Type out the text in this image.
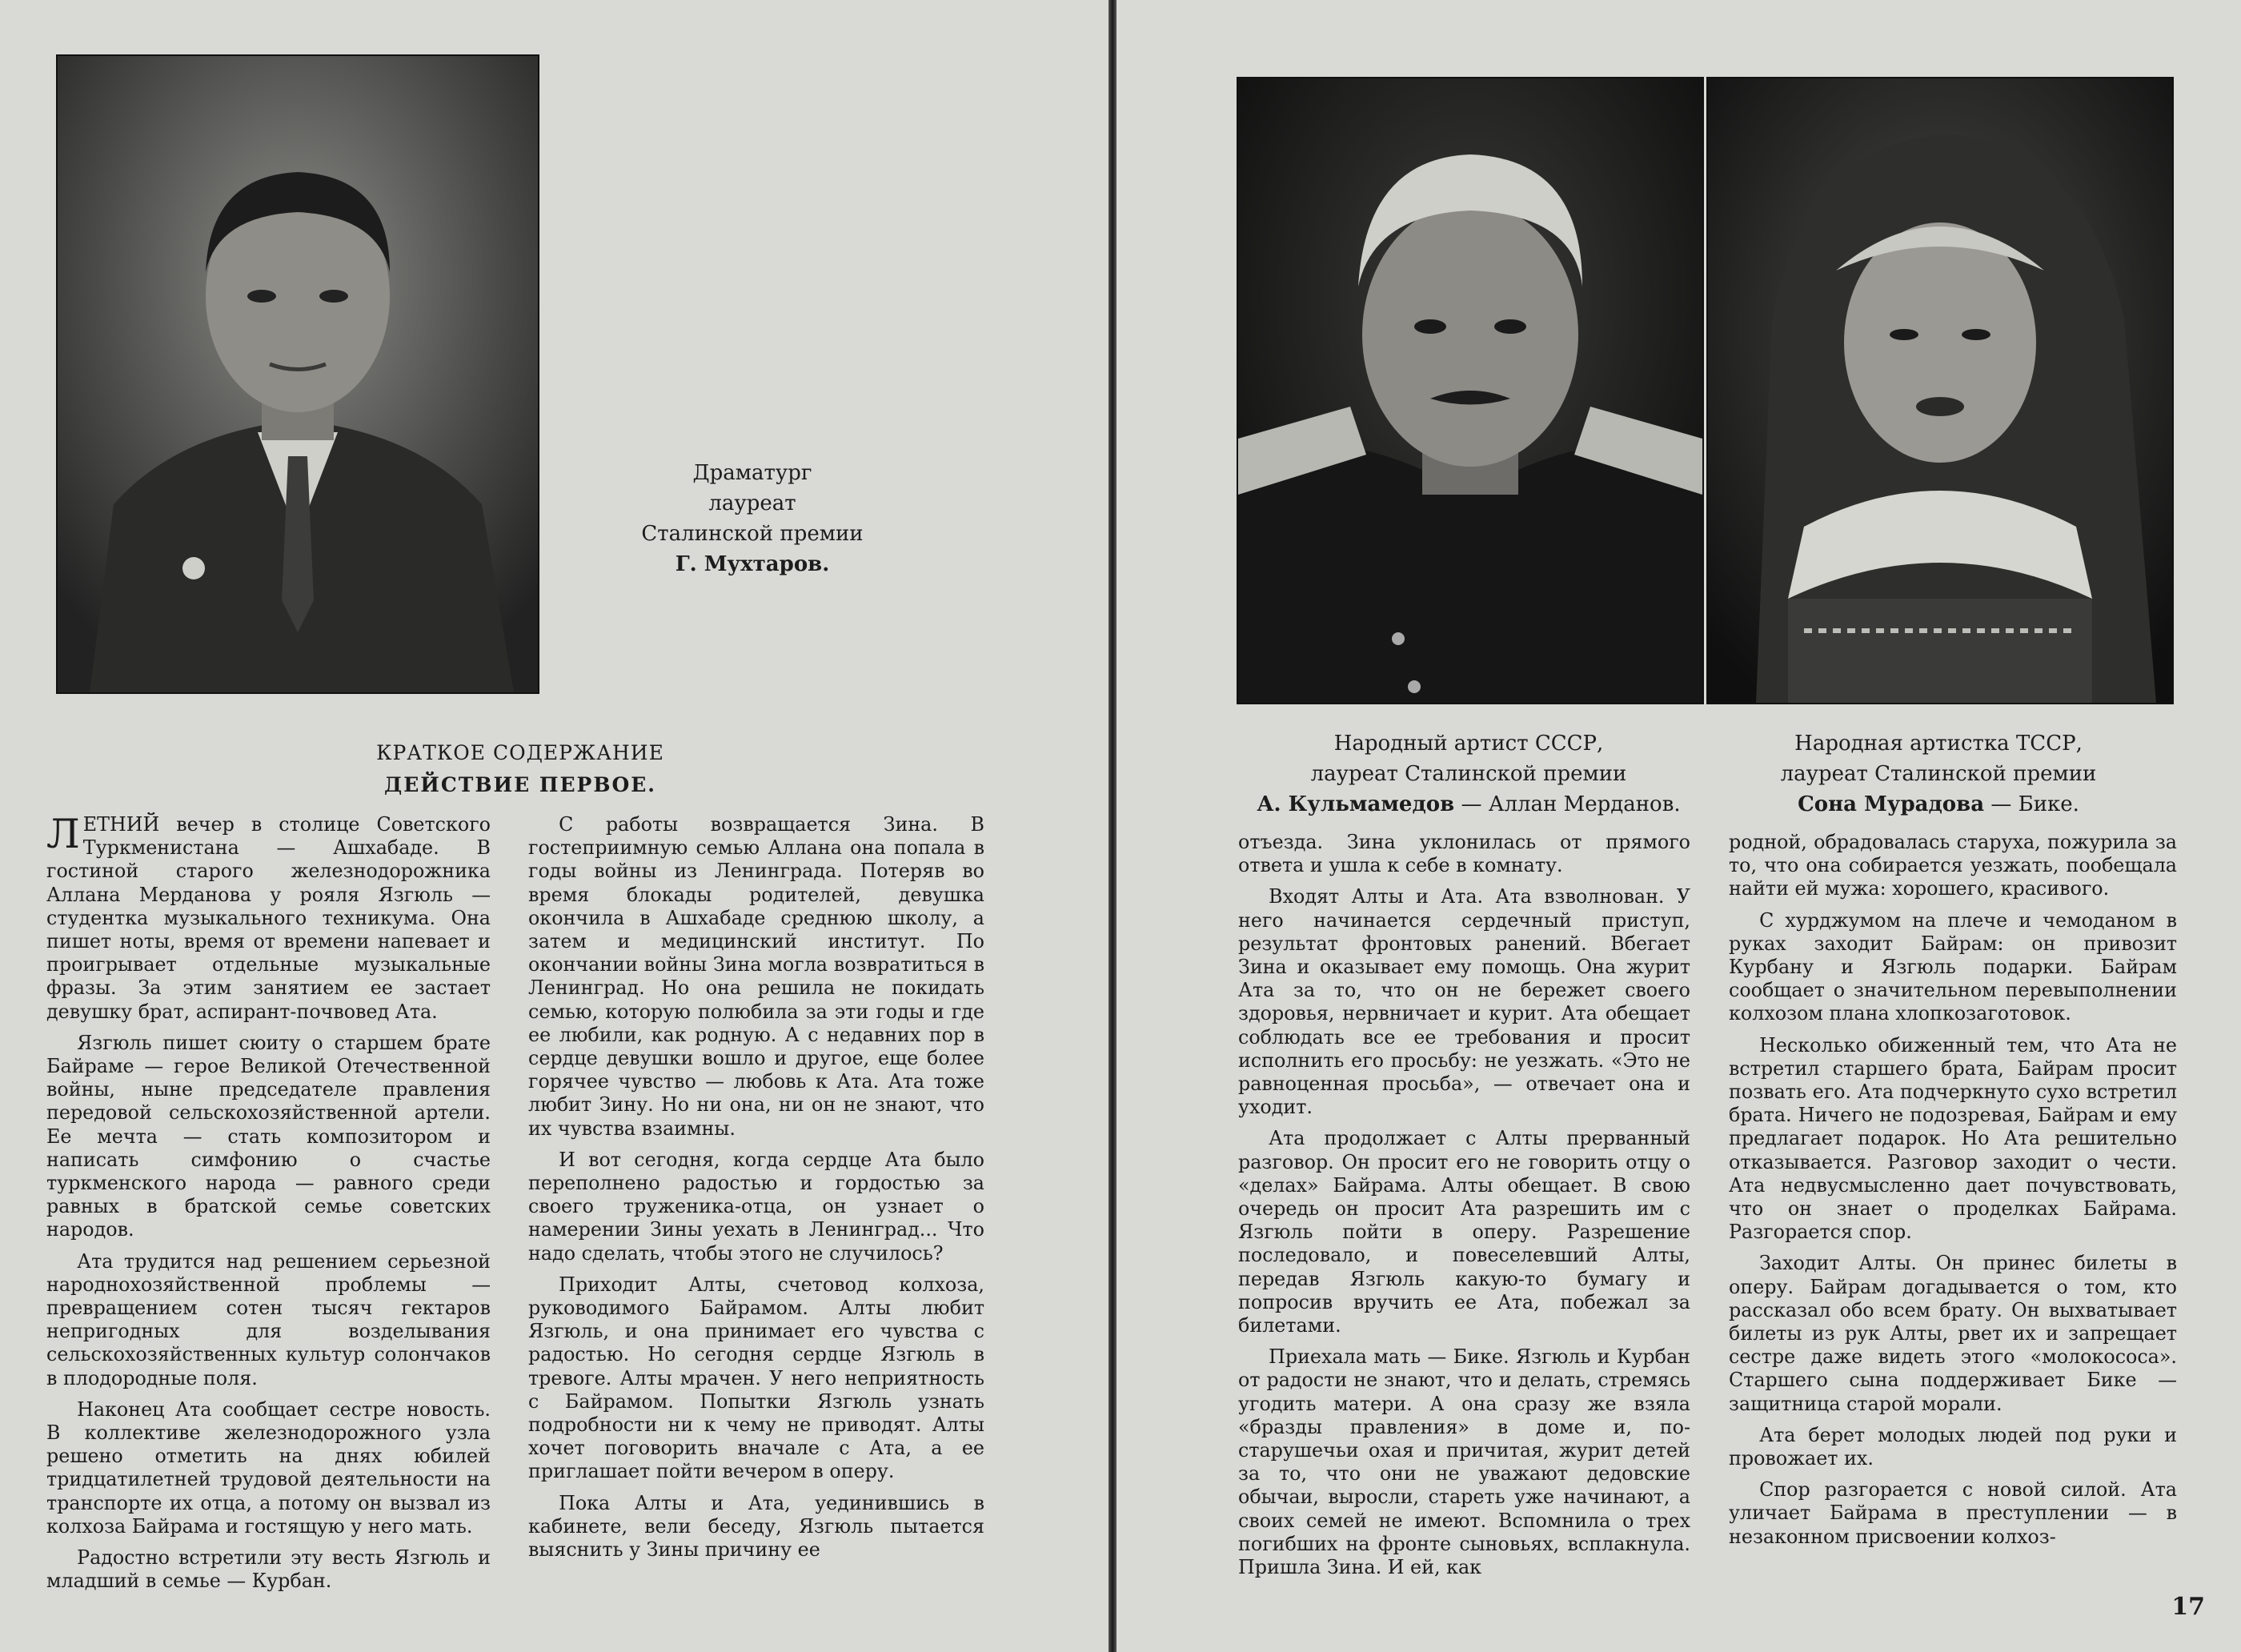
Драматург
лауреат
Сталинской премии
Г. Мухтаров.
КРАТКОЕ СОДЕРЖАНИЕ
ДЕЙСТВИЕ ПЕРВОЕ.

ЛЕТНИЙ вечер в столице Советского Туркменистана — Ашхабаде. В гостиной старого железнодорожника Аллана Мерданова у рояля Язгюль — студентка музыкального техникума. Она пишет ноты, время от времени напевает и проигрывает отдельные музыкальные фразы. За этим занятием ее застает девушку брат, аспирант-почвовед Ата.

Язгюль пишет сюиту о старшем брате Байраме — герое Великой Отечественной войны, ныне председателе правления передовой сельскохозяйственной артели. Ее мечта — стать композитором и написать симфонию о счастье туркменского народа — равного среди равных в братской семье советских народов.

Ата трудится над решением серьезной народнохозяйственной проблемы — превращением сотен тысяч гектаров непригодных для возделывания сельскохозяйственных культур солончаков в плодородные поля.

Наконец Ата сообщает сестре новость. В коллективе железнодорожного узла решено отметить на днях юбилей тридцатилетней трудовой деятельности на транспорте их отца, а потому он вызвал из колхоза Байрама и гостящую у него мать.

Радостно встретили эту весть Язгюль и младший в семье — Курбан.

С работы возвращается Зина. В гостеприимную семью Аллана она попала в годы войны из Ленинграда. Потеряв во время блокады родителей, девушка окончила в Ашхабаде среднюю школу, а затем и медицинский институт. По окончании войны Зина могла возвратиться в Ленинград. Но она решила не покидать семью, которую полюбила за эти годы и где ее любили, как родную. А с недавних пор в сердце девушки вошло и другое, еще более горячее чувство — любовь к Ата. Ата тоже любит Зину. Но ни она, ни он не знают, что их чувства взаимны.

И вот сегодня, когда сердце Ата было переполнено радостью и гордостью за своего труженика-отца, он узнает о намерении Зины уехать в Ленинград... Что надо сделать, чтобы этого не случилось?

Приходит Алты, счетовод колхоза, руководимого Байрамом. Алты любит Язгюль, и она принимает его чувства с радостью. Но сегодня сердце Язгюль в тревоге. Алты мрачен. У него неприятность с Байрамом. Попытки Язгюль узнать подробности ни к чему не приводят. Алты хочет поговорить вначале с Ата, а ее приглашает пойти вечером в оперу.

Пока Алты и Ата, уединившись в кабинете, вели беседу, Язгюль пытается выяснить у Зины причину ее

Народный артист СССР,
лауреат Сталинской премии
А. Кульмамедов — Аллан Мерданов.
Народная артистка ТССР,
лауреат Сталинской премии
Сона Мурадова — Бике.

отъезда. Зина уклонилась от прямого ответа и ушла к себе в комнату.

Входят Алты и Ата. Ата взволнован. У него начинается сердечный приступ, результат фронтовых ранений. Вбегает Зина и оказывает ему помощь. Она журит Ата за то, что он не бережет своего здоровья, нервничает и курит. Ата обещает соблюдать все ее требования и просит исполнить его просьбу: не уезжать. «Это не равноценная просьба», — отвечает она и уходит.

Ата продолжает с Алты прерванный разговор. Он просит его не говорить отцу о «делах» Байрама. Алты обещает. В свою очередь он просит Ата разрешить им с Язгюль пойти в оперу. Разрешение последовало, и повеселевший Алты, передав Язгюль какую-то бумагу и попросив вручить ее Ата, побежал за билетами.

Приехала мать — Бике. Язгюль и Курбан от радости не знают, что и делать, стремясь угодить матери. А она сразу же взяла «бразды правления» в доме и, по-старушечьи охая и причитая, журит детей за то, что они не уважают дедовские обычаи, выросли, стареть уже начинают, а своих семей не имеют. Вспомнила о трех погибших на фронте сыновьях, всплакнула. Пришла Зина. И ей, как

родной, обрадовалась старуха, пожурила за то, что она собирается уезжать, пообещала найти ей мужа: хорошего, красивого.

С хурджумом на плече и чемоданом в руках заходит Байрам: он привозит Курбану и Язгюль подарки. Байрам сообщает о значительном перевыполнении колхозом плана хлопкозаготовок.

Несколько обиженный тем, что Ата не встретил старшего брата, Байрам просит позвать его. Ата подчеркнуто сухо встретил брата. Ничего не подозревая, Байрам и ему предлагает подарок. Но Ата решительно отказывается. Разговор заходит о чести. Ата недвусмысленно дает почувствовать, что он знает о проделках Байрама. Разгорается спор.

Заходит Алты. Он принес билеты в оперу. Байрам догадывается о том, кто рассказал обо всем брату. Он выхватывает билеты из рук Алты, рвет их и запрещает сестре даже видеть этого «молокососа». Старшего сына поддерживает Бике — защитница старой морали.

Ата берет молодых людей под руки и провожает их.

Спор разгорается с новой силой. Ата уличает Байрама в преступлении — в незаконном присвоении колхоз-

17
